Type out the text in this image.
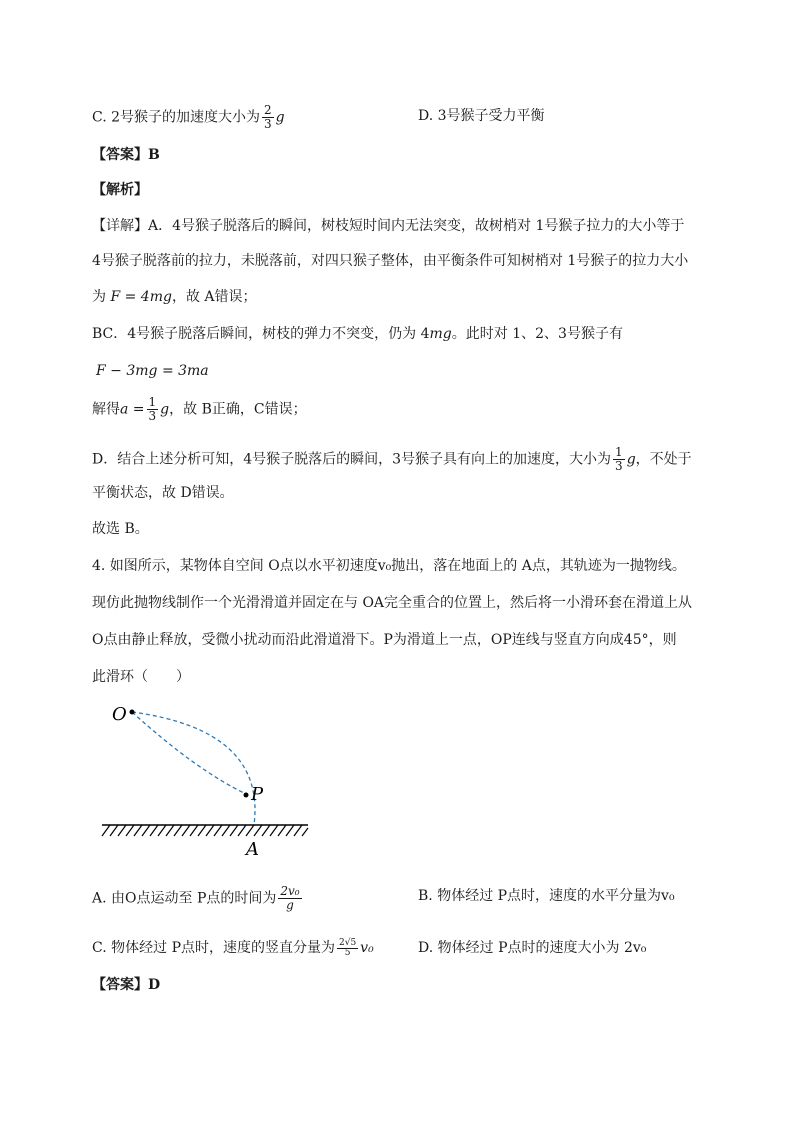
C. 2号猴子的加速度大小为 $\frac{2}{3}$ g	D. 3号猴子受力平衡
【答案】B
【解析】
【详解】A．4号猴子脱落后的瞬间，树枝短时间内无法突变，故树梢对 1号猴子拉力的大小等于
4号猴子脱落前的拉力，未脱落前，对四只猴子整体，由平衡条件可知树梢对 1号猴子的拉力大小
为 F = 4mg，故 A错误；
BC．4号猴子脱落后瞬间，树枝的弹力不突变，仍为 4mg。此时对 1、2、3号猴子有
F − 3mg = 3ma
解得$a = \frac{1}{3}$ g，故 B正确，C错误；
D．结合上述分析可知，4号猴子脱落后的瞬间，3号猴子具有向上的加速度，大小为 $\frac{1}{3}$ g，不处于
平衡状态，故 D错误。
故选 B。
4. 如图所示，某物体自空间 O点以水平初速度v₀抛出，落在地面上的 A点，其轨迹为一抛物线。
现仿此抛物线制作一个光滑滑道并固定在与 OA完全重合的位置上，然后将一小滑环套在滑道上从
O点由静止释放，受微小扰动而沿此滑道滑下。P为滑道上一点，OP连线与竖直方向成45°，则
此滑环（　　）
O
P
A
A. 由O点运动至 P点的时间为 $\frac{\text{2v₀}}{g}$	B. 物体经过 P点时，速度的水平分量为v₀
C. 物体经过 P点时，速度的竖直分量为 $\frac{2√5}{5} v_0$	D. 物体经过 P点时的速度大小为 2v₀
【答案】D
